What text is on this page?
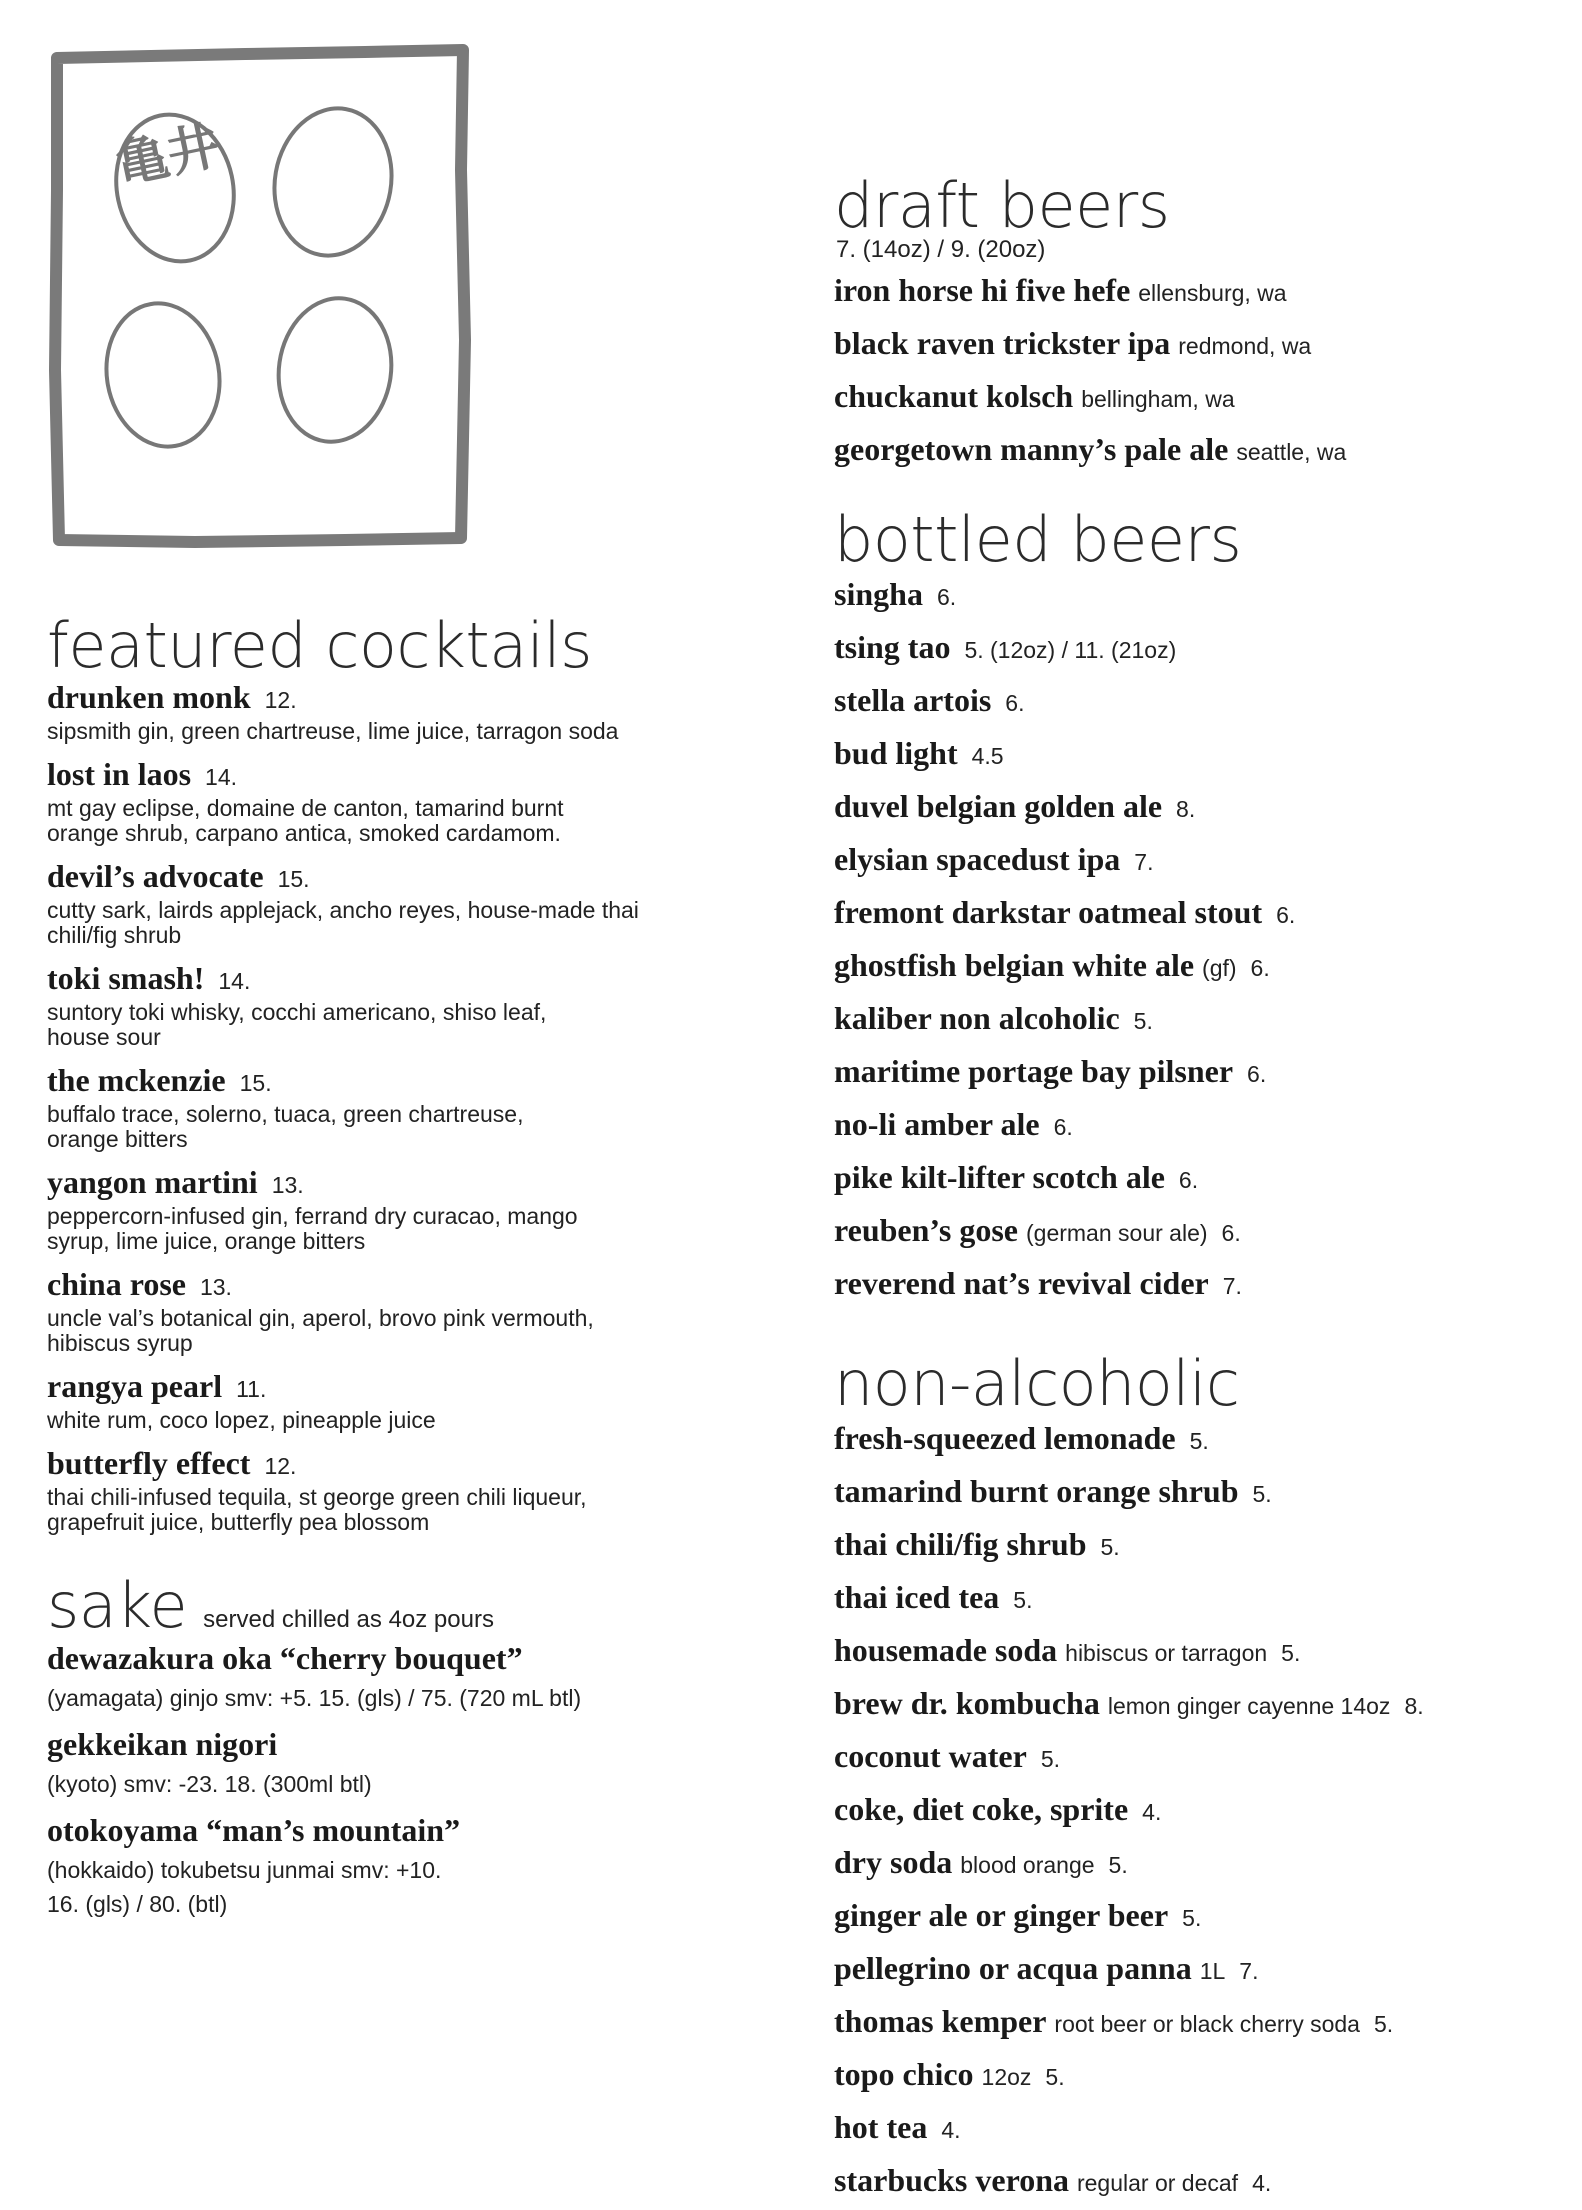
亀井
featured cocktails
drunken monk 12.
sipsmith gin, green chartreuse, lime juice, tarragon soda
lost in laos 14.
mt gay eclipse, domaine de canton, tamarind burnt
orange shrub, carpano antica, smoked cardamom.
devil’s advocate 15.
cutty sark, lairds applejack, ancho reyes, house-made thai
chili/fig shrub
toki smash! 14.
suntory toki whisky, cocchi americano, shiso leaf,
house sour
the mckenzie 15.
buffalo trace, solerno, tuaca, green chartreuse,
orange bitters
yangon martini 13.
peppercorn-infused gin, ferrand dry curacao, mango
syrup, lime juice, orange bitters
china rose 13.
uncle val’s botanical gin, aperol, brovo pink vermouth,
hibiscus syrup
rangya pearl 11.
white rum, coco lopez, pineapple juice
butterfly effect 12.
thai chili-infused tequila, st george green chili liqueur,
grapefruit juice, butterfly pea blossom
sake served chilled as 4oz pours
dewazakura oka “cherry bouquet”
(yamagata) ginjo smv: +5. 15. (gls) / 75. (720 mL btl)
gekkeikan nigori
(kyoto) smv: -23. 18. (300ml btl)
otokoyama “man’s mountain”
(hokkaido) tokubetsu junmai smv: +10.
16. (gls) / 80. (btl)
draft beers

7. (14oz) / 9. (20oz)

iron horse hi five hefe ellensburg, wa
black raven trickster ipa redmond, wa
chuckanut kolsch bellingham, wa
georgetown manny’s pale ale seattle, wa
bottled beers
singha 6.
tsing tao 5. (12oz) / 11. (21oz)
stella artois 6.
bud light 4.5
duvel belgian golden ale 8.
elysian spacedust ipa 7.
fremont darkstar oatmeal stout 6.
ghostfish belgian white ale (gf) 6.
kaliber non alcoholic 5.
maritime portage bay pilsner 6.
no-li amber ale 6.
pike kilt-lifter scotch ale 6.
reuben’s gose (german sour ale) 6.
reverend nat’s revival cider 7.
non-alcoholic
fresh-squeezed lemonade 5.
tamarind burnt orange shrub 5.
thai chili/fig shrub 5.
thai iced tea 5.
housemade soda hibiscus or tarragon 5.
brew dr. kombucha lemon ginger cayenne 14oz 8.
coconut water 5.
coke, diet coke, sprite 4.
dry soda blood orange 5.
ginger ale or ginger beer 5.
pellegrino or acqua panna 1L 7.
thomas kemper root beer or black cherry soda 5.
topo chico 12oz 5.
hot tea 4.
starbucks verona regular or decaf 4.
